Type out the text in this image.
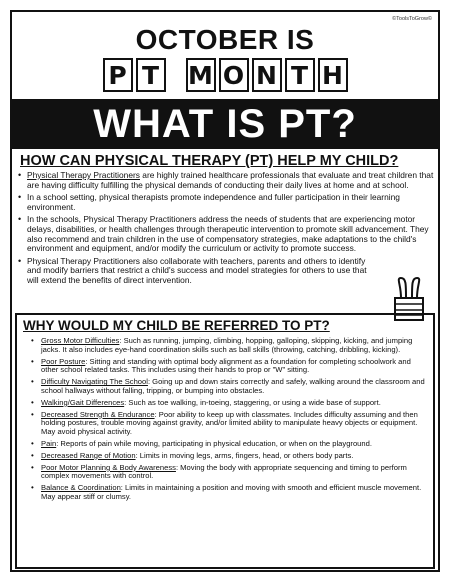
©ToolsToGrow©
OCTOBER IS
P T M O N T H
WHAT IS PT?
HOW CAN PHYSICAL THERAPY (PT) HELP MY CHILD?
• Physical Therapy Practitioners are highly trained healthcare professionals that evaluate and treat children that are having difficulty fulfilling the physical demands of conducting their daily lives at home and at school.
• In a school setting, physical therapists promote independence and fuller participation in their learning environment.
• In the schools, Physical Therapy Practitioners address the needs of students that are experiencing motor delays, disabilities, or health challenges through therapeutic intervention to promote skill advancement. They also recommend and train children in the use of compensatory strategies, make adaptations to the child's environment and equipment, and/or modify the curriculum or activity to promote success.
• Physical Therapy Practitioners also collaborate with teachers, parents and others to identify and modify barriers that restrict a child's success and model strategies for others to use that will extend the benefits of direct intervention.
WHY WOULD MY CHILD BE REFERRED TO PT?
• Gross Motor Difficulties: Such as running, jumping, climbing, hopping, galloping, skipping, kicking, and jumping jacks. It also includes eye-hand coordination skills such as ball skills (throwing, catching, dribbling, kicking).
• Poor Posture: Sitting and standing with optimal body alignment as a foundation for completing schoolwork and other school related tasks. This includes using their hands to prop or "W" sitting.
• Difficulty Navigating The School: Going up and down stairs correctly and safely, walking around the classroom and school hallways without falling, tripping, or bumping into obstacles.
• Walking/Gait Differences: Such as toe walking, in-toeing, staggering, or using a wide base of support.
• Decreased Strength & Endurance: Poor ability to keep up with classmates. Includes difficulty assuming and then holding postures, trouble moving against gravity, and/or limited ability to manipulate heavy objects or equipment. May avoid physical activity.
• Pain: Reports of pain while moving, participating in physical education, or when on the playground.
• Decreased Range of Motion: Limits in moving legs, arms, fingers, head, or others body parts.
• Poor Motor Planning & Body Awareness: Moving the body with appropriate sequencing and timing to perform complex movements with control.
• Balance & Coordination: Limits in maintaining a position and moving with smooth and efficient muscle movement. May appear stiff or clumsy.
